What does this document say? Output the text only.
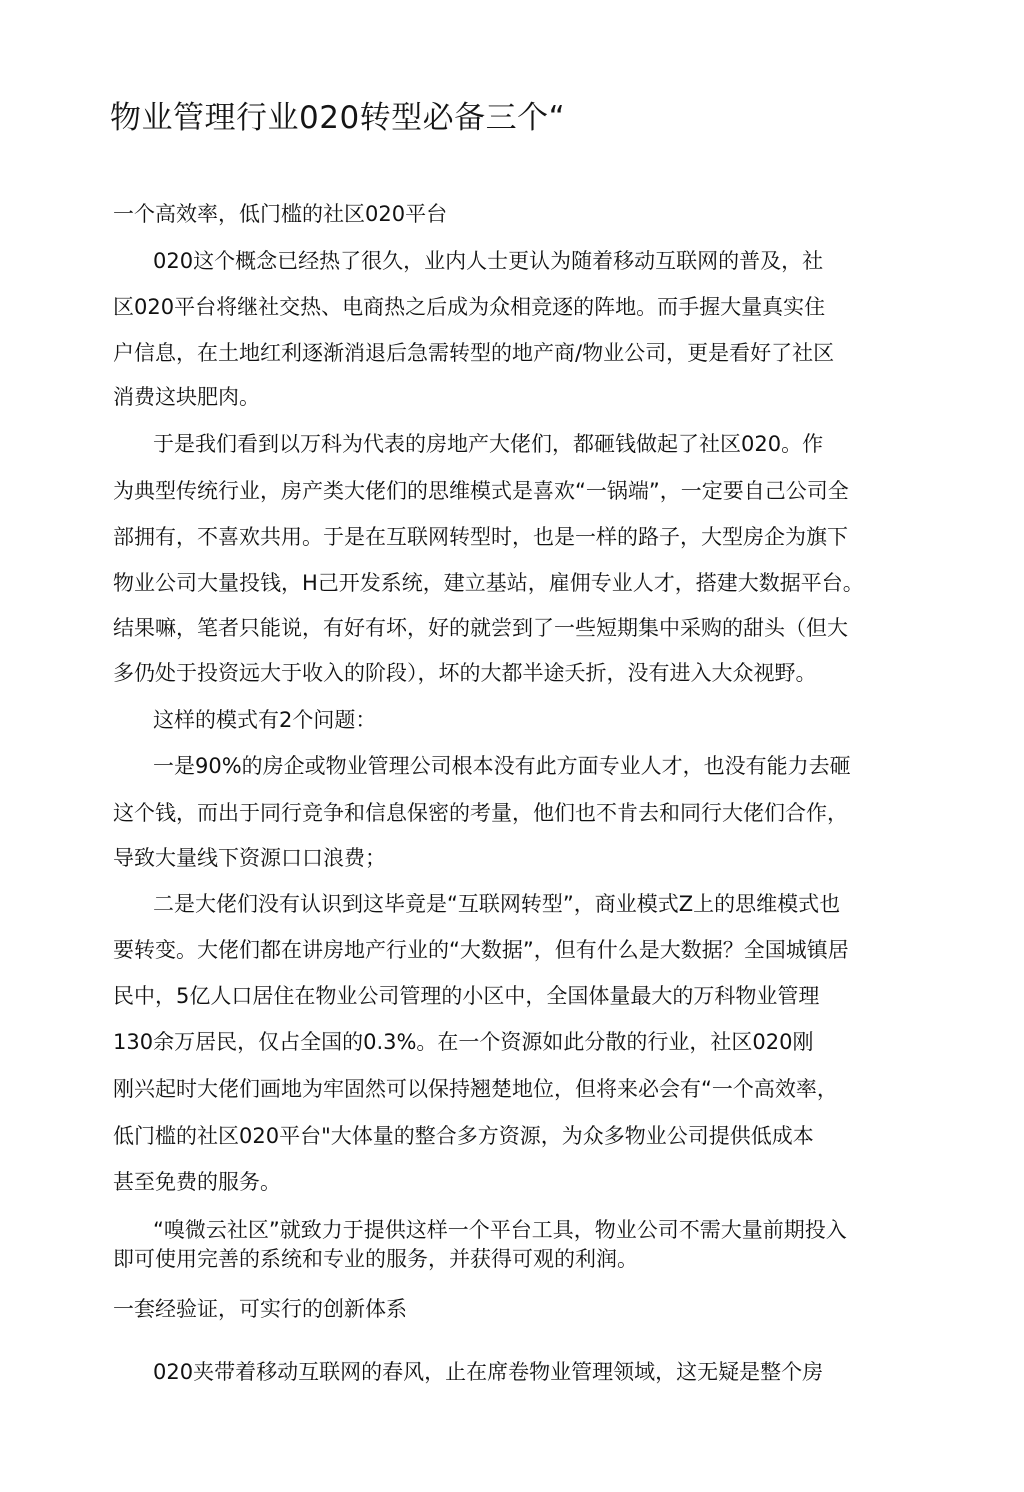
物业管理行业020转型必备三个“
一个高效率，低门槛的社区020平台
020这个概念已经热了很久，业内人士更认为随着移动互联网的普及，社
区020平台将继社交热、电商热之后成为众相竞逐的阵地。而手握大量真实住
户信息，在土地红利逐渐消退后急需转型的地产商/物业公司，更是看好了社区
消费这块肥肉。
于是我们看到以万科为代表的房地产大佬们，都砸钱做起了社区020。作
为典型传统行业，房产类大佬们的思维模式是喜欢“一锅端”，一定要自己公司全
部拥有，不喜欢共用。于是在互联网转型时，也是一样的路子，大型房企为旗下
物业公司大量投钱，H己开发系统，建立基站，雇佣专业人才，搭建大数据平台。
结果嘛，笔者只能说，有好有坏，好的就尝到了一些短期集中采购的甜头（但大
多仍处于投资远大于收入的阶段），坏的大都半途夭折，没有进入大众视野。
这样的模式有2个问题：
一是90%的房企或物业管理公司根本没有此方面专业人才，也没有能力去砸
这个钱，而出于同行竞争和信息保密的考量，他们也不肯去和同行大佬们合作，
导致大量线下资源口口浪费；
二是大佬们没有认识到这毕竟是“互联网转型”，商业模式Z上的思维模式也
要转变。大佬们都在讲房地产行业的“大数据”，但有什么是大数据？全国城镇居
民中，5亿人口居住在物业公司管理的小区中，全国体量最大的万科物业管理
130余万居民，仅占全国的0.3%。在一个资源如此分散的行业，社区020刚
刚兴起时大佬们画地为牢固然可以保持翘楚地位，但将来必会有“一个高效率，
低门槛的社区020平台"大体量的整合多方资源，为众多物业公司提供低成本
甚至免费的服务。
“嗅微云社区”就致力于提供这样一个平台工具，物业公司不需大量前期投入
即可使用完善的系统和专业的服务，并获得可观的利润。
一套经验证，可实行的创新体系
020夹带着移动互联网的春风，止在席卷物业管理领域，这无疑是整个房
